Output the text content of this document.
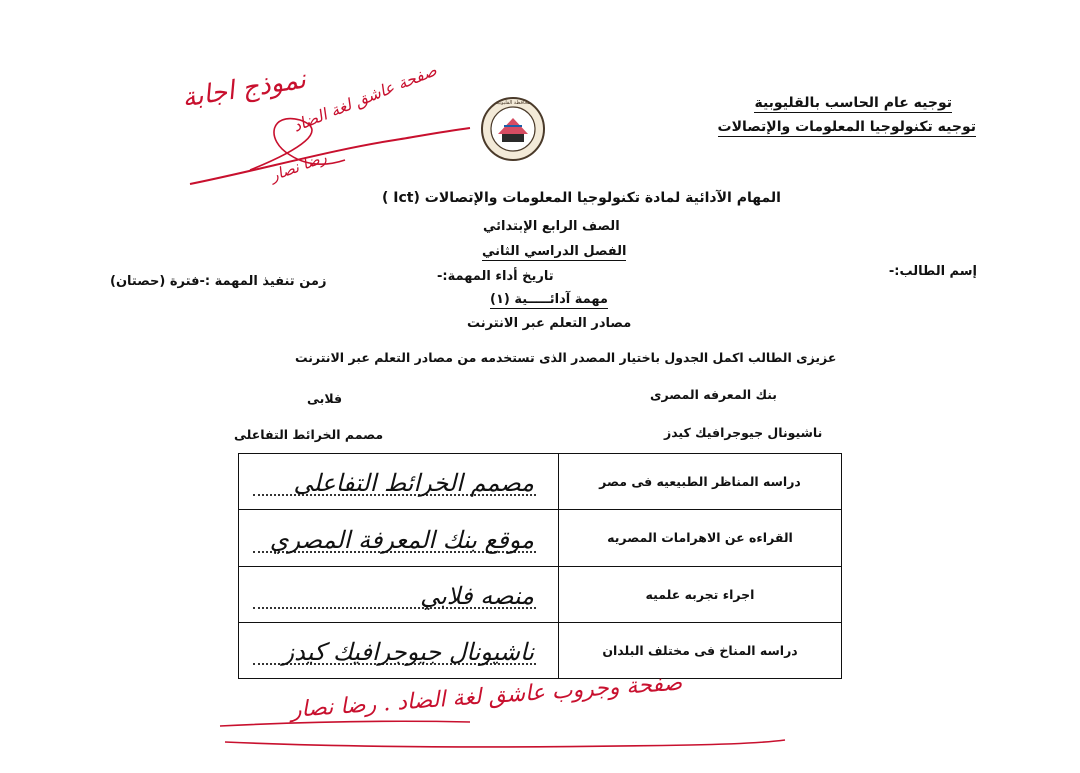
توجيه عام الحاسب بالقليوبية
توجيه تكنولوجيا المعلومات والإتصالات
محافظة القليوبية
المهام الآدائية لمادة تكنولوجيا المعلومات والإتصالات (Ict )
الصف الرابع الإبتدائي
الفصل الدراسي الثاني
مهمة آدائـــــية (١)
مصادر التعلم عبر الانترنت
إسم الطالب:-
تاريخ أداء المهمة:-
زمن تنفيذ المهمة :-فترة (حصتان)
عزيزى الطالب اكمل الجدول باختيار المصدر الذى تستخدمه من مصادر التعلم عبر الانترنت
بنك المعرفه المصرى
فلابى
ناشيونال جيوجرافيك كيدز
مصمم الخرائط التفاعلى
دراسه المناظر الطبيعيه فى مصر	مصمم الخرائط التفاعلى

القراءه عن الاهرامات المصريه	موقع بنك المعرفة المصري

اجراء تجربه علميه	منصه فلابي

دراسه المناخ فى مختلف البلدان	ناشيونال جيوجرافيك كيدز
نموذج اجابة
صفحة عاشق لغة الضاد
رضا نصار
صفحة وجروب عاشق لغة الضاد . رضا نصار
